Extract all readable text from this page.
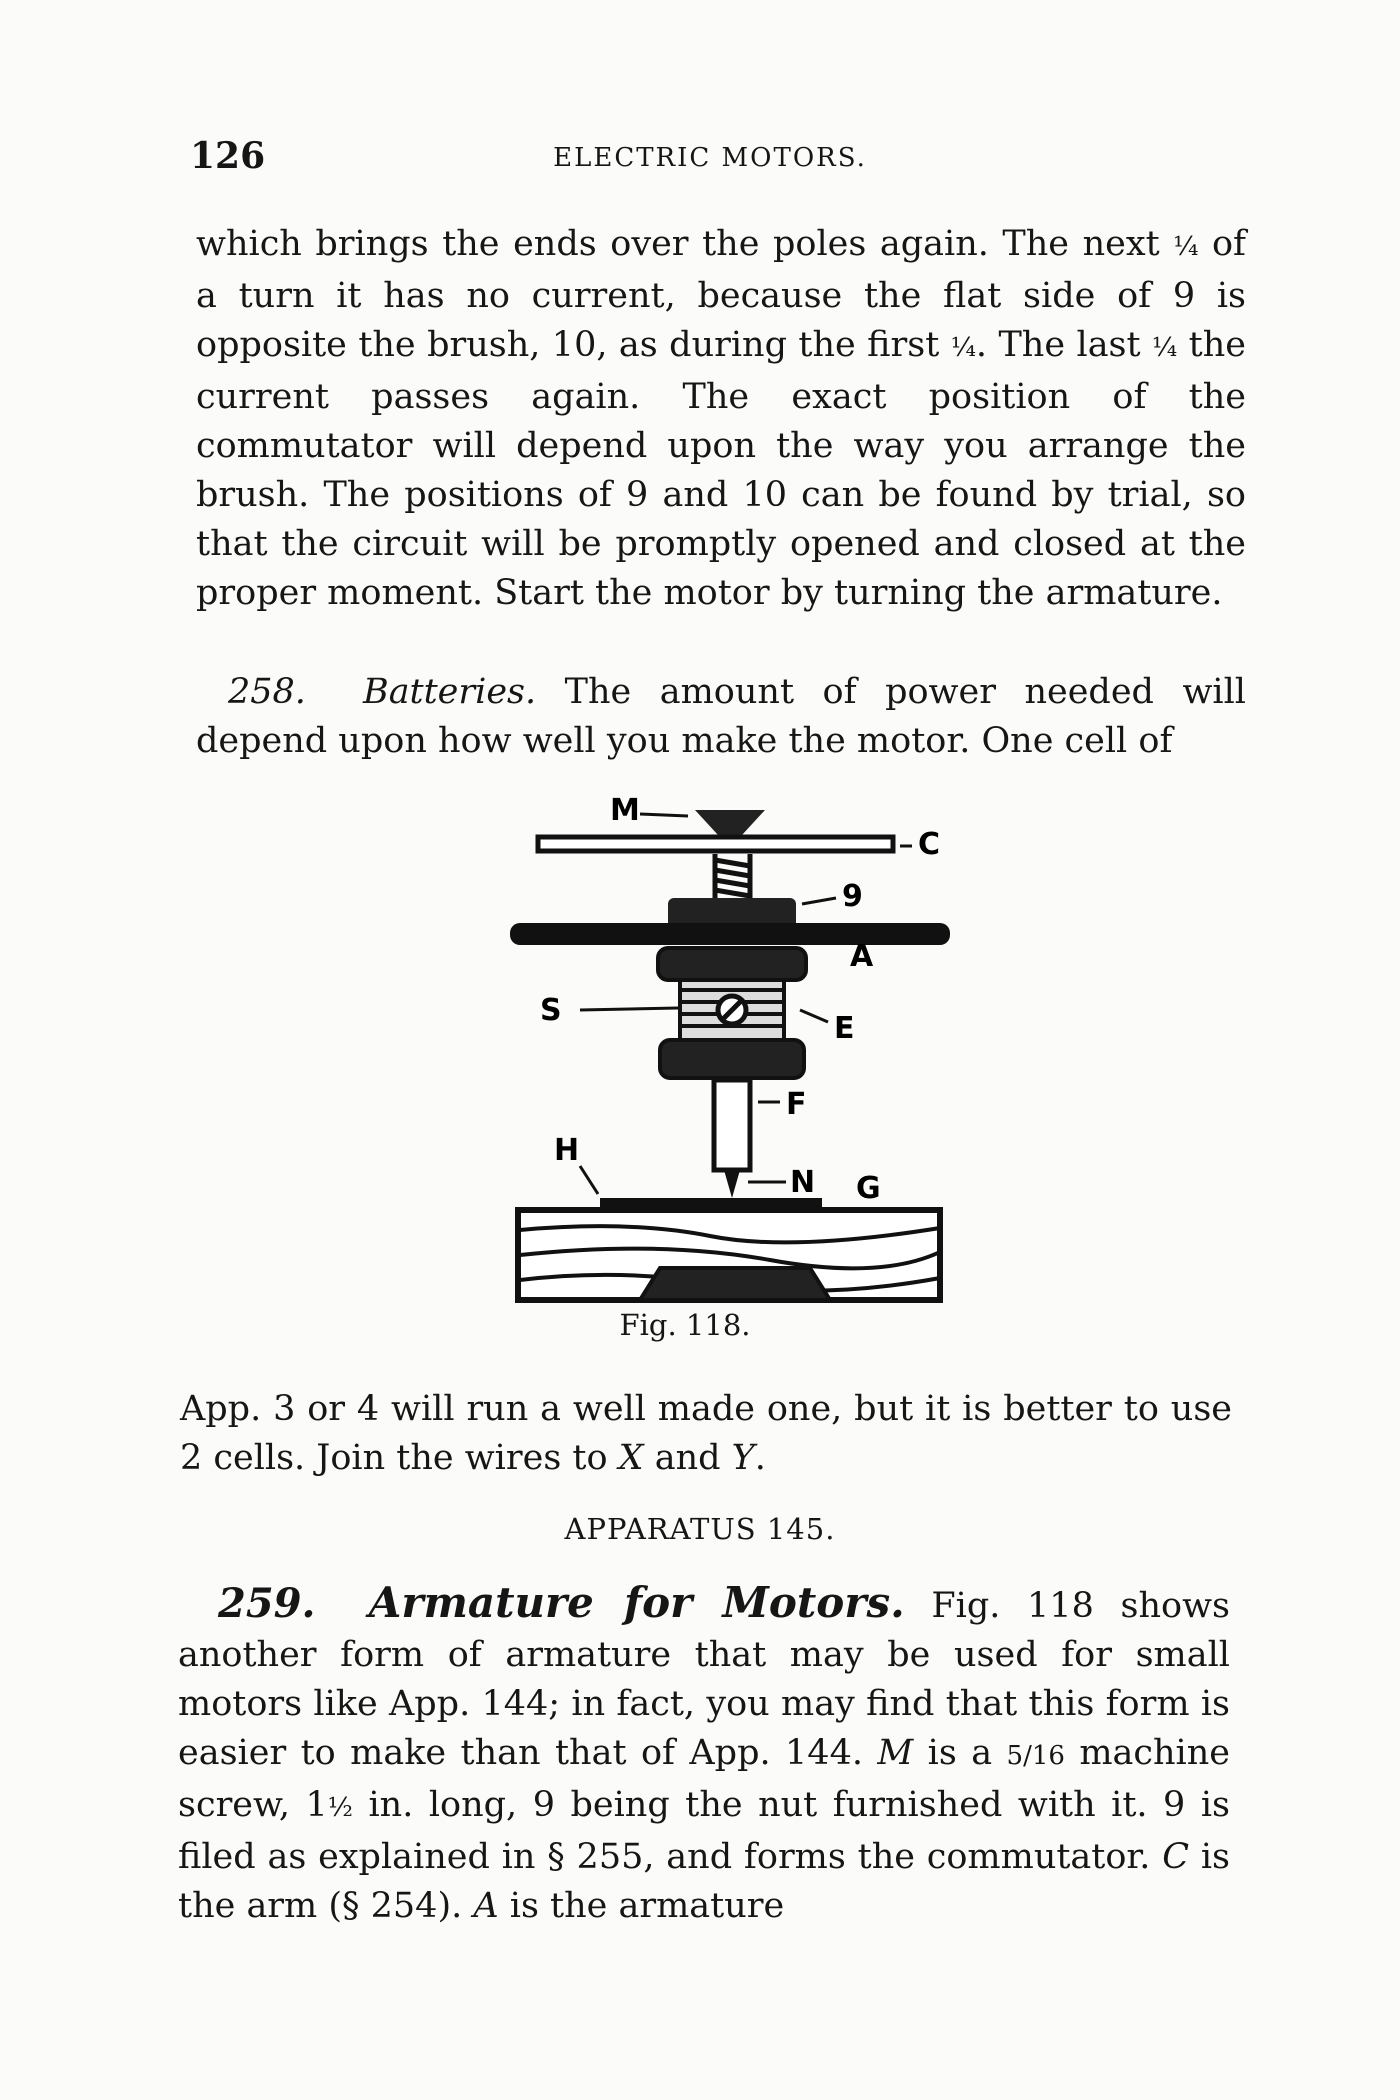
126	ELECTRIC MOTORS.

which brings the ends over the poles again. The next ¼ of a turn it has no current, because the flat side of 9 is opposite the brush, 10, as during the first ¼. The last ¼ the current passes again. The exact position of the commutator will depend upon the way you arrange the brush. The positions of 9 and 10 can be found by trial, so that the circuit will be promptly opened and closed at the proper moment. Start the motor by turning the armature.

258. Batteries. The amount of power needed will depend upon how well you make the motor. One cell of

M
C
9
A
S
E
F
H
N G
Fig. 118.

App. 3 or 4 will run a well made one, but it is better to use 2 cells. Join the wires to X and Y.

APPARATUS 145.

259. Armature for Motors. Fig. 118 shows another form of armature that may be used for small motors like App. 144; in fact, you may find that this form is easier to make than that of App. 144. M is a 5/16 machine screw, 1½ in. long, 9 being the nut furnished with it. 9 is filed as explained in § 255, and forms the commutator. C is the arm (§ 254). A is the armature
